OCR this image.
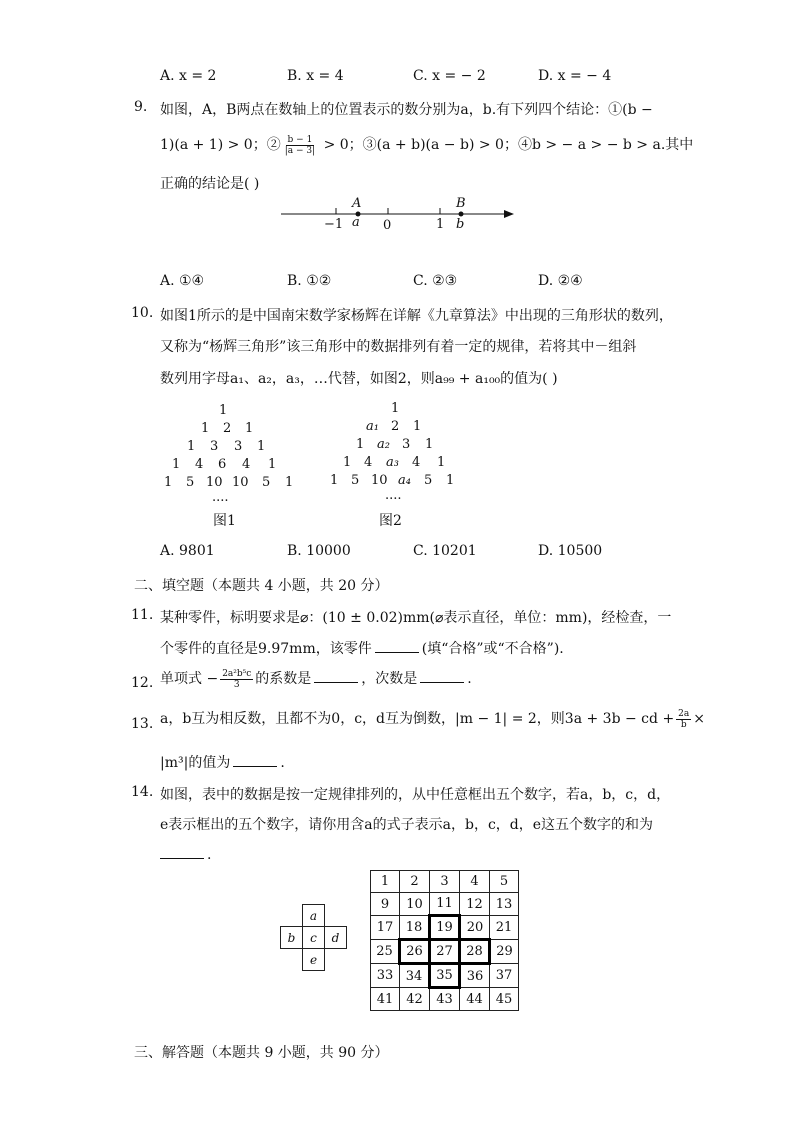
A. x = 2	B. x = 4	C. x = − 2	D. x = − 4
9. 如图，A，B两点在数轴上的位置表示的数分别为a，b.有下列四个结论：①(b −
1)(a + 1) > 0；② $\frac{b - 1}{|a - 3|} > 0$；③(a + b)(a − b) > 0；④b > − a > − b > a.其中
正确的结论是( )
A	B
−1 a 0	1 b
A. ①④	B. ①②	C. ②③	D. ②④
10. 如图1所示的是中国南宋数学家杨辉在详解《九章算法》中出现的三角形状的数列，
又称为“杨辉三角形”该三角形中的数据排列有着一定的规律，若将其中－组斜
数列用字母a₁、a₂，a₃，…代替，如图2，则a₉₉ + a₁₀₀的值为( )
1
1 2 1
1 3 3 1
1 4 6 4 1
1 5 10 10 5 1
....
图1
1
a₁ 2 1
1 a₂ 3 1
1 4 a₃ 4 1
1 5 10 a₄ 5 1
....
图2
A. 9801	B. 10000	C. 10201	D. 10500
二、填空题（本题共 4 小题，共 20 分）
11. 某种零件，标明要求是⌀：(10 ± 0.02)mm(⌀表示直径，单位：mm)，经检查，一
个零件的直径是9.97mm，该零件	(填“合格”或“不合格”).
12. 单项式 − $\frac{\text{2a²b⁵c}}{3}$ 的系数是	，次数是	.
13. a，b互为相反数，且都不为0，c，d互为倒数，|m − 1| = 2，则3a + 3b − cd + $\frac{2a}{b}$ ×
|m³|的值为	.
14. 如图，表中的数据是按一定规律排列的，从中任意框出五个数字，若a，b，c，d，
e表示框出的五个数字，请你用含a的式子表示a，b，c，d，e这五个数字的和为
.
	a	
b	c	d
	e	
1	2	3	4	5
9	10	11	12	13
17	18	19	20	21
25	26	27	28	29
33	34	35	36	37
41	42	43	44	45
三、解答题（本题共 9 小题，共 90 分）
